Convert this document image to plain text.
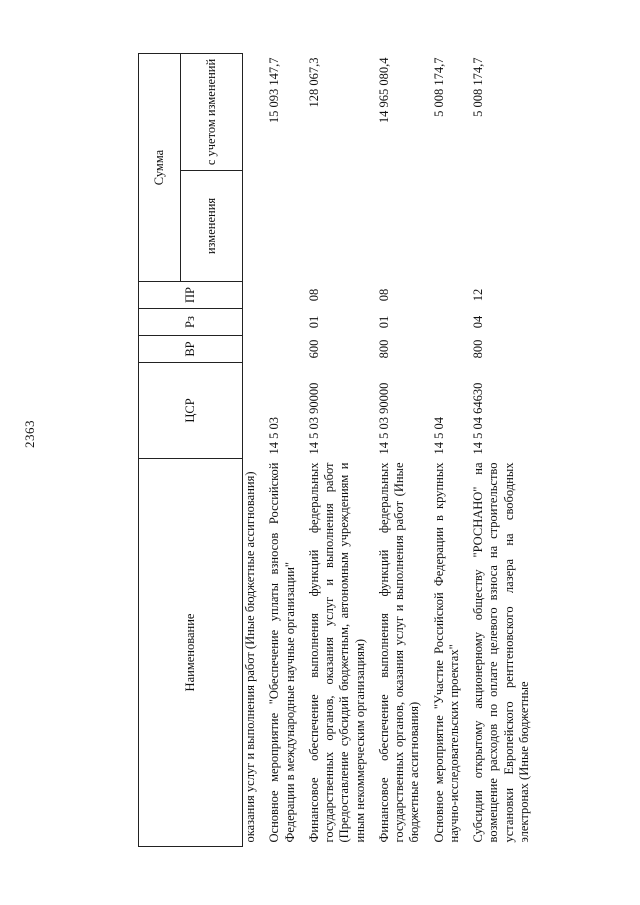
2363
Наименование	ЦСР	ВР	Рз	ПР	Сумма	
					изменения	с учетом изменений
оказания услуг и выполнения работ (Иные бюджетные ассигнования)						
Основное мероприятие "Обеспечение уплаты взносов Российской Федерации в международные научные организации"	14 5 03					15 093 147,7
Финансовое обеспечение выполнения функций федеральных государственных органов, оказания услуг и выполнения работ (Предоставление субсидий бюджетным, автономным учреждениям и иным некоммерческим организациям)	14 5 03 90000	600	01	08		128 067,3
Финансовое обеспечение выполнения функций федеральных государственных органов, оказания услуг и выполнения работ (Иные бюджетные ассигнования)	14 5 03 90000	800	01	08		14 965 080,4
Основное мероприятие "Участие Российской Федерации в крупных научно-исследовательских проектах"	14 5 04					5 008 174,7
Субсидии открытому акционерному обществу "РОСНАНО" на возмещение расходов по оплате целевого взноса на строительство установки Европейского рентгеновского лазера на свободных электронах (Иные бюджетные	14 5 04 64630	800	04	12		5 008 174,7
